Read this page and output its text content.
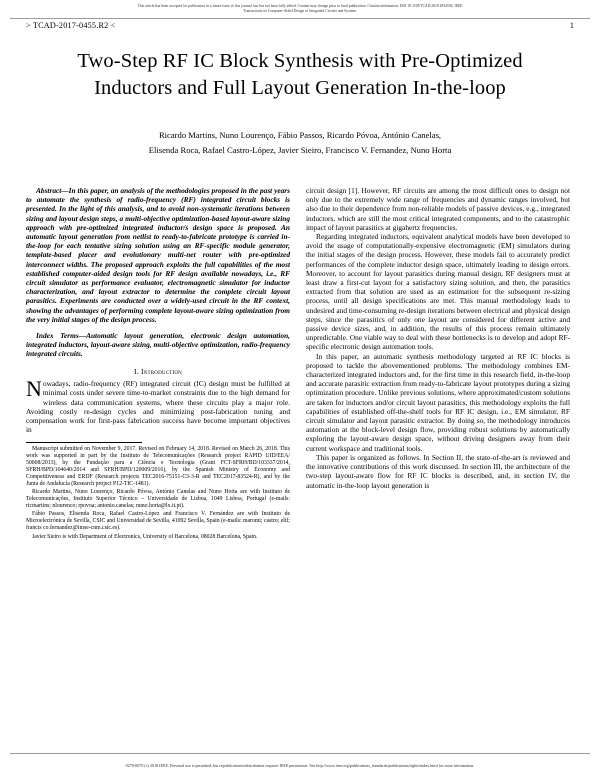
This article has been accepted for publication in a future issue of this journal, but has not been fully edited. Content may change prior to final publication. Citation information: DOI 10.1109/TCAD.2018.2834594, IEEE
Transactions on Computer-Aided Design of Integrated Circuits and Systems
> TCAD-2017-0455.R2 <	1
Two-Step RF IC Block Synthesis with Pre-Optimized Inductors and Full Layout Generation In-the-loop
Ricardo Martins, Nuno Lourenço, Fábio Passos, Ricardo Póvoa, António Canelas,
Elisenda Roca, Rafael Castro-López, Javier Sieiro, Francisco V. Fernandez, Nuno Horta

Abstract—In this paper, an analysis of the methodologies proposed in the past years to automate the synthesis of radio-frequency (RF) integrated circuit blocks is presented. In the light of this analysis, and to avoid non-systematic iterations between sizing and layout design steps, a multi-objective optimization-based layout-aware sizing approach with pre-optimized integrated inductor/s design space is proposed. An automatic layout generation from netlist to ready-to-fabricate prototype is carried in-the-loop for each tentative sizing solution using an RF-specific module generator, template-based placer and evolutionary multi-net router with pre-optimized interconnect widths. The proposed approach exploits the full capabilities of the most established computer-aided design tools for RF design available nowadays, i.e., RF circuit simulator as performance evaluator, electromagnetic simulator for inductor characterization, and layout extractor to determine the complete circuit layout parasitics. Experiments are conducted over a widely-used circuit in the RF context, showing the advantages of performing complete layout-aware sizing optimization from the very initial stages of the design process.

Index Terms—Automatic layout generation, electronic design automation, integrated inductors, layout-aware sizing, multi-objective optimization, radio-frequency integrated circuits.

I. Introduction

Nowadays, radio-frequency (RF) integrated circuit (IC) design must be fulfilled at minimal costs under severe time-to-market constraints due to the high demand for wireless data communication systems, where these circuits play a major role. Avoiding costly re-design cycles and minimizing post-fabrication tuning and compensation work for first-pass fabrication success have become important objectives in

Manuscript submitted on November 9, 2017. Revised on February 14, 2018. Revised on March 26, 2018. This work was supported in part by the Instituto de Telecomunicações (Research project RAPID UID/EEA/ 50008/2013), by the Fundação para a Ciência e Tecnologia (Grant FCT-SFRH/BD/103337/2014, SFRH/BPD/104640/2014 and SFRH/BPD/120009/2016), by the Spanish Ministry of Economy and Competitiveness and ERDF (Research projects TEC2016-75151-C3-3-R and TEC2017-83524-R), and by the Junta de Andalucía (Research project P12-TIC-1481).

Ricardo Martins, Nuno Lourenço, Ricardo Póvoa, António Canelas and Nuno Horta are with Instituto de Telecomunicações, Instituto Superior Técnico – Universidade de Lisboa, 1049 Lisboa, Portugal (e-mails: ricmartins; nlourenco; rpovoa; antonio.canelas; nuno.horta@lx.it.pt).

Fábio Passos, Elisenda Roca, Rafael Castro-López and Francisco V. Fernández are with Instituto de Microelectrónica de Sevilla, CSIC and Universidad de Sevilla, 41092 Sevilla, Spain (e-mails: maromi; castro; elif; francis co.fernandez@imse-cnm.csic.es).

Javier Sieiro is with Department of Electronics, University of Barcelona, 08028 Barcelona, Spain.

circuit design [1]. However, RF circuits are among the most difficult ones to design not only due to the extremely wide range of frequencies and dynamic ranges involved, but also due to their dependence from non-reliable models of passive devices, e.g., integrated inductors, which are still the most critical integrated components, and to the catastrophic impact of layout parasitics at gigahertz frequencies.

Regarding integrated inductors, equivalent analytical models have been developed to avoid the usage of computationally-expensive electromagnetic (EM) simulators during the initial stages of the design process. However, these models fail to accurately predict performances of the complete inductor design space, ultimately leading to design errors. Moreover, to account for layout parasitics during manual design, RF designers must at least draw a first-cut layout for a satisfactory sizing solution, and then, the parasitics extracted from that solution are used as an estimation for the subsequent re-sizing process, until all design specifications are met. This manual methodology leads to undesired and time-consuming re-design iterations between electrical and physical design steps, since the parasitics of only one layout are considered for different active and passive device sizes, and, in addition, the results of this process remain ultimately unpredictable. One viable way to deal with these bottlenecks is to develop and adopt RF-specific electronic design automation tools.

In this paper, an automatic synthesis methodology targeted at RF IC blocks is proposed to tackle the abovementioned problems. The methodology combines EM-characterized integrated inductors and, for the first time in this research field, in-the-loop and accurate parasitic extraction from ready-to-fabricate layout prototypes during a sizing optimization procedure. Unlike previous solutions, where approximated/custom solutions are taken for inductors and/or circuit layout parasitics, this methodology exploits the full capabilities of established off-the-shelf tools for RF IC design, i.e., EM simulator, RF circuit simulator and layout parasitic extractor. By doing so, the methodology introduces automation at the block-level design flow, providing robust solutions by automatically exploring the layout-aware design space, without driving designers away from their current workspace and traditional tools.

This paper is organized as follows. In Section II, the state-of-the-art is reviewed and the innovative contributions of this work discussed. In section III, the architecture of the two-step layout-aware flow for RF IC blocks is described, and, in section IV, the automatic in-the-loop layout generation is

0278-0070 (c) 2018 IEEE. Personal use is permitted, but republication/redistribution requires IEEE permission. See http://www.ieee.org/publications_standards/publications/rights/index.html for more information.
